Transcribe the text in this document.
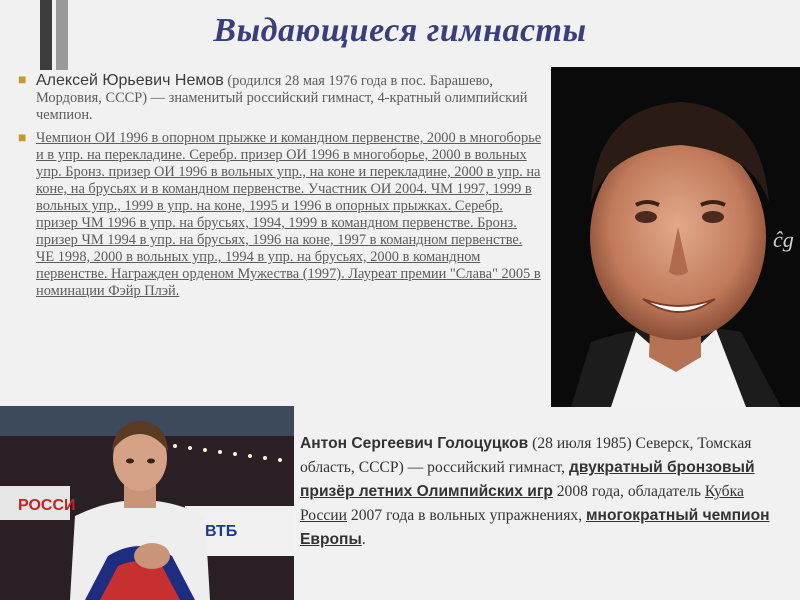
Выдающиеся гимнасты
■ Алексей Юрьевич Немов (родился 28 мая 1976 года в пос. Барашево, Мордовия, СССР) — знаменитый российский гимнаст, 4-кратный олимпийский чемпион.
■ Чемпион ОИ 1996 в опорном прыжке и командном первенстве, 2000 в многоборье и в упр. на перекладине. Серебр. призер ОИ 1996 в многоборье, 2000 в вольных упр. Бронз. призер ОИ 1996 в вольных упр., на коне и перекладине, 2000 в упр. на коне, на брусьях и в командном первенстве. Участник ОИ 2004. ЧМ 1997, 1999 в вольных упр., 1999 в упр. на коне, 1995 и 1996 в опорных прыжках. Серебр. призер ЧМ 1996 в упр. на брусьях, 1994, 1999 в командном первенстве. Бронз. призер ЧМ 1994 в упр. на брусьях, 1996 на коне, 1997 в командном первенстве. ЧЕ 1998, 2000 в вольных упр., 1994 в упр. на брусьях, 2000 в командном первенстве. Награжден орденом Мужества (1997). Лауреат премии "Слава" 2005 в номинации Фэйр Плэй.
ĉg
РОССИ
ВТБ
Антон Сергеевич Голоцуцков (28 июля 1985) Северск, Томская область, СССР) — российский гимнаст, двукратный бронзовый призёр летних Олимпийских игр 2008 года, обладатель Кубка России 2007 года в вольных упражнениях, многократный чемпион Европы.
